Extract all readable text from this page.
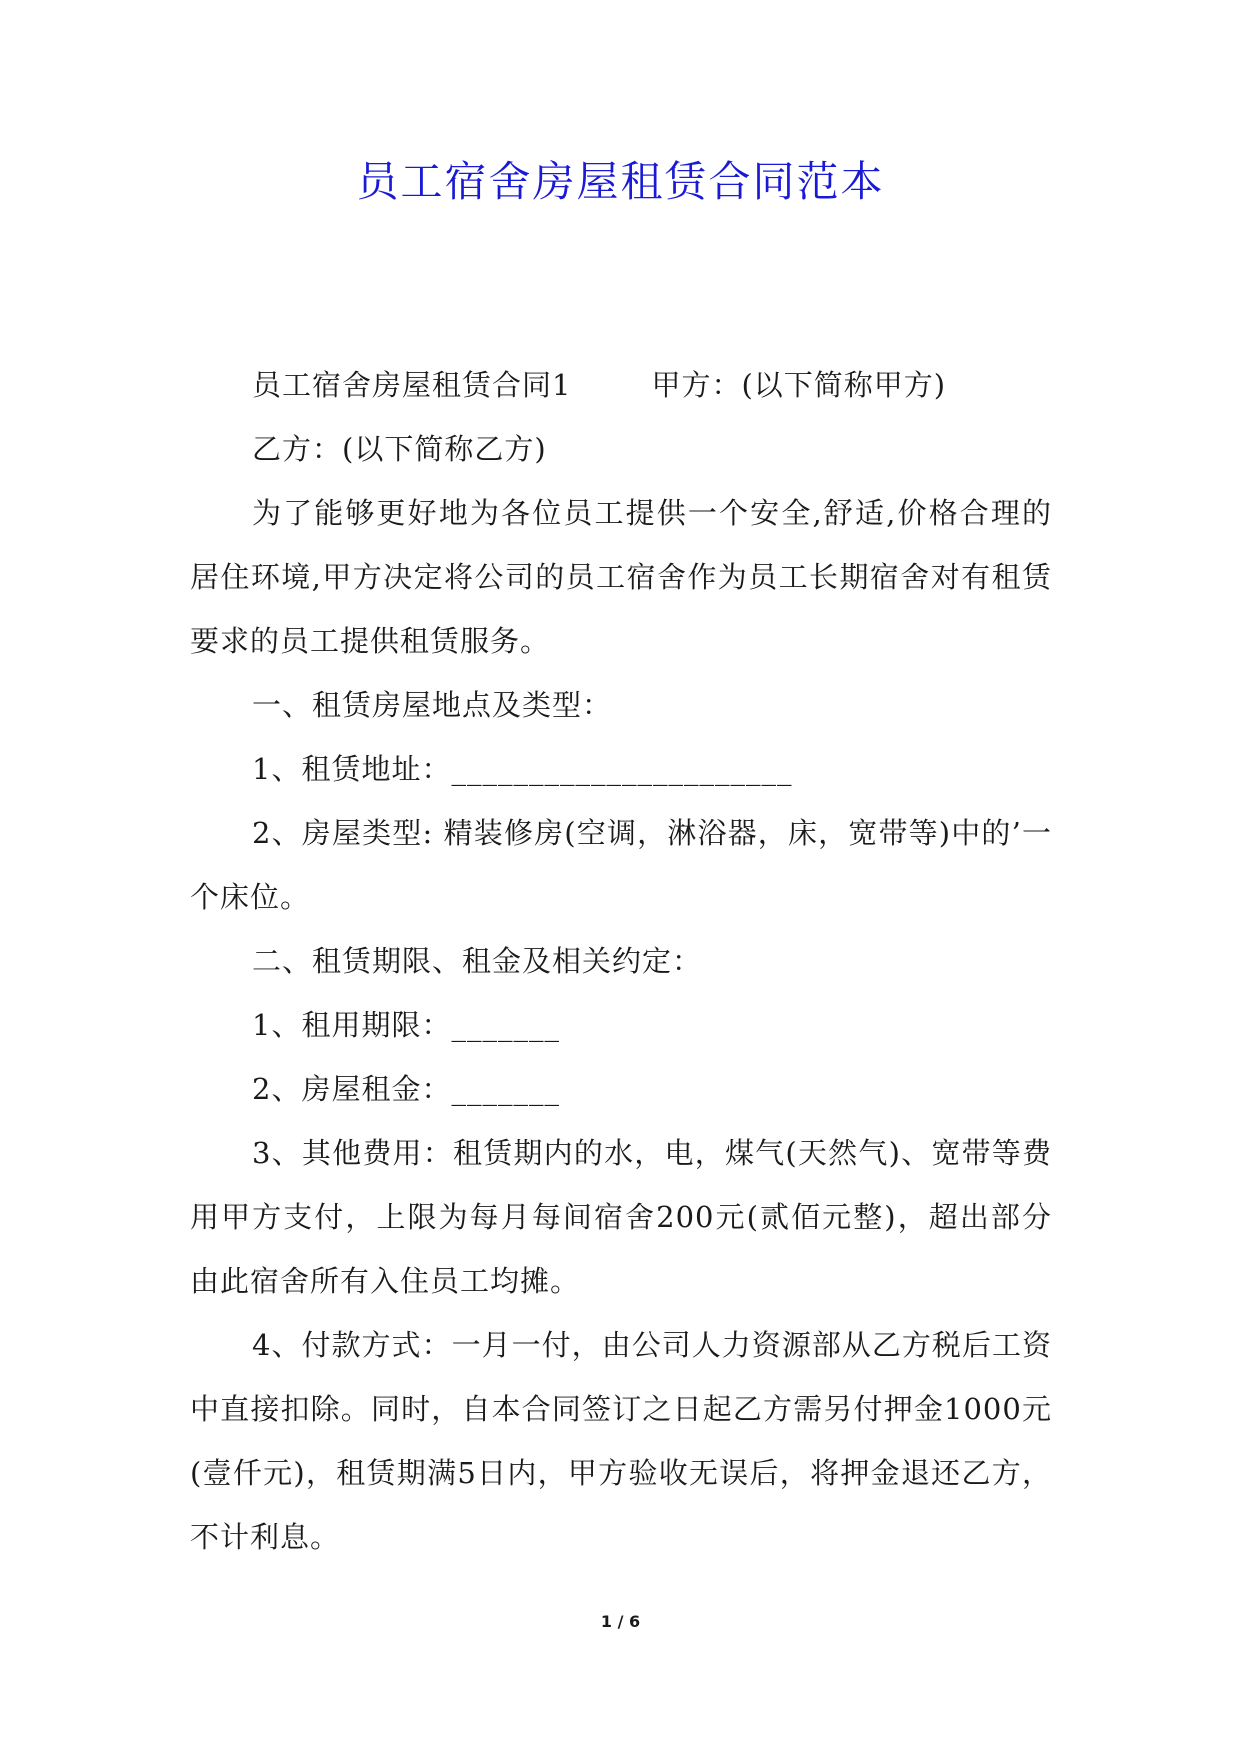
员工宿舍房屋租赁合同范本

员工宿舍房屋租赁合同1	甲方：(以下简称甲方)

乙方：(以下简称乙方)

为了能够更好地为各位员工提供一个安全,舒适,价格合理的居住环境,甲方决定将公司的员工宿舍作为员工长期宿舍对有租赁要求的员工提供租赁服务。

一、租赁房屋地点及类型：

1、租赁地址：______________________

2、房屋类型: 精装修房(空调，淋浴器，床，宽带等)中的’一个床位。

二、租赁期限、租金及相关约定：

1、租用期限：_______

2、房屋租金：_______

3、其他费用：租赁期内的水，电，煤气(天然气)、宽带等费用甲方支付，上限为每月每间宿舍200元(贰佰元整)，超出部分由此宿舍所有入住员工均摊。

4、付款方式：一月一付，由公司人力资源部从乙方税后工资中直接扣除。同时，自本合同签订之日起乙方需另付押金1000元(壹仟元)，租赁期满5日内，甲方验收无误后，将押金退还乙方，不计利息。

1 / 6
